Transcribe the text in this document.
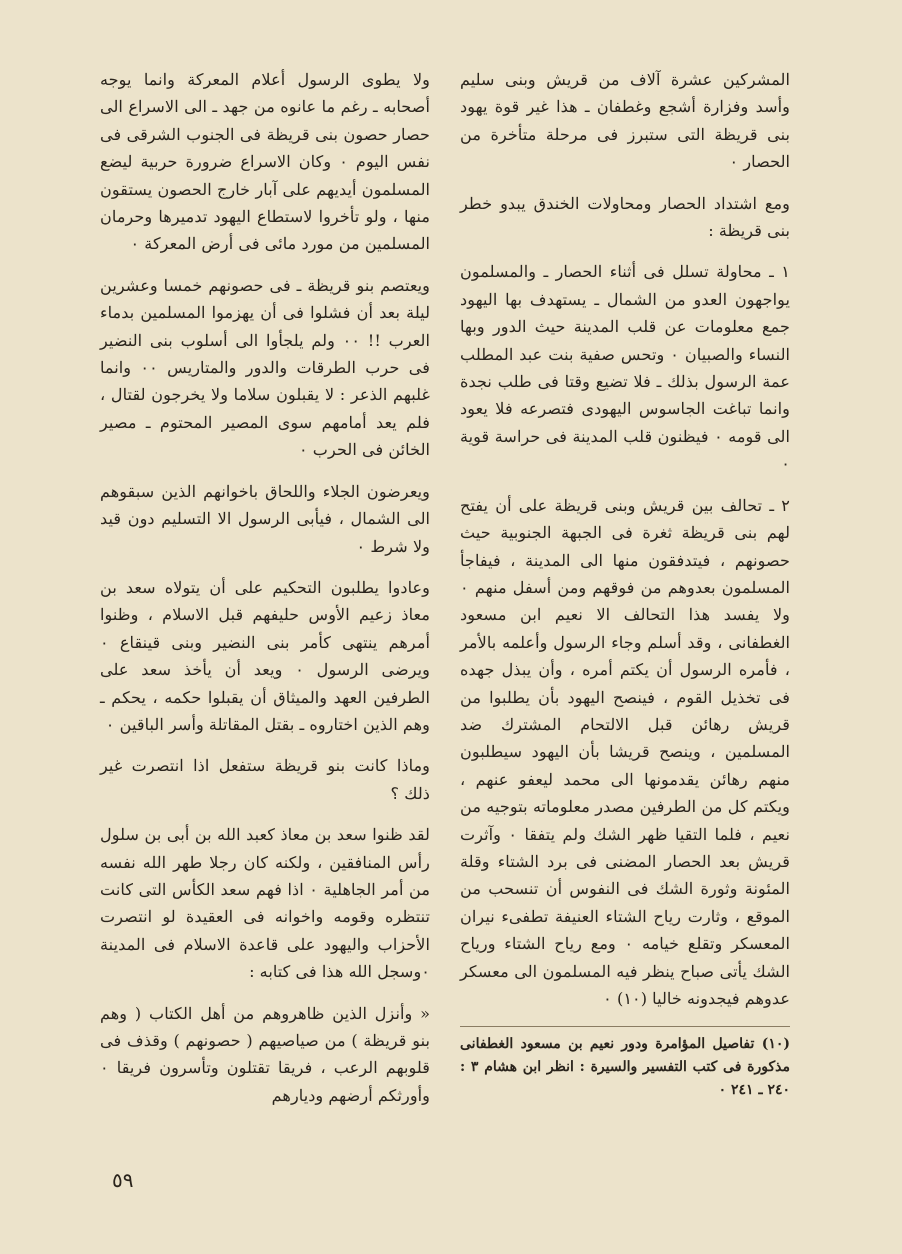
المشركين عشرة آلاف من قريش وبنى سليم وأسد وفزارة أشجع وغطفان ـ هذا غير قوة يهود بنى قريظة التى ستبرز فى مرحلة متأخرة من الحصار ٠

ومع اشتداد الحصار ومحاولات الخندق يبدو خطر بنى قريظة :

١ ـ محاولة تسلل فى أثناء الحصار ـ والمسلمون يواجهون العدو من الشمال ـ يستهدف بها اليهود جمع معلومات عن قلب المدينة حيث الدور وبها النساء والصبيان ٠ وتحس صفية بنت عبد المطلب عمة الرسول بذلك ـ فلا تضيع وقتا فى طلب نجدة وانما تباغت الجاسوس اليهودى فتصرعه فلا يعود الى قومه ٠ فيظنون قلب المدينة فى حراسة قوية ٠

٢ ـ تحالف بين قريش وبنى قريظة على أن يفتح لهم بنى قريظة ثغرة فى الجبهة الجنوبية حيث حصونهم ، فيتدفقون منها الى المدينة ، فيفاجأ المسلمون بعدوهم من فوقهم ومن أسفل منهم ٠ ولا يفسد هذا التحالف الا نعيم ابن مسعود الغطفانى ، وقد أسلم وجاء الرسول وأعلمه بالأمر ، فأمره الرسول أن يكتم أمره ، وأن يبذل جهده فى تخذيل القوم ، فينصح اليهود بأن يطلبوا من قريش رهائن قبل الالتحام المشترك ضد المسلمين ، وينصح قريشا بأن اليهود سيطلبون منهم رهائن يقدمونها الى محمد ليعفو عنهم ، ويكتم كل من الطرفين مصدر معلوماته بتوجيه من نعيم ، فلما التقيا ظهر الشك ولم يتفقا ٠ وآثرت قريش بعد الحصار المضنى فى برد الشتاء وقلة المئونة وثورة الشك فى النفوس أن تنسحب من الموقع ، وثارت رياح الشتاء العنيفة تطفىء نيران المعسكر وتقلع خيامه ٠ ومع رياح الشتاء ورياح الشك يأتى صباح ينظر فيه المسلمون الى معسكر عدوهم فيجدونه خاليا (١٠) ٠

(١٠) تفاصيل المؤامرة ودور نعيم بن مسعود الغطفانى مذكورة فى كتب التفسير والسيرة : انظر ابن هشام ٣ : ٢٤٠ ـ ٢٤١ ٠

ولا يطوى الرسول أعلام المعركة وانما يوجه أصحابه ـ رغم ما عانوه من جهد ـ الى الاسراع الى حصار حصون بنى قريظة فى الجنوب الشرقى فى نفس اليوم ٠ وكان الاسراع ضرورة حربية ليضع المسلمون أيديهم على آبار خارج الحصون يستقون منها ، ولو تأخروا لاستطاع اليهود تدميرها وحرمان المسلمين من مورد مائى فى أرض المعركة ٠

ويعتصم بنو قريظة ـ فى حصونهم خمسا وعشرين ليلة بعد أن فشلوا فى أن يهزموا المسلمين بدماء العرب !! ٠٠ ولم يلجأوا الى أسلوب بنى النضير فى حرب الطرقات والدور والمتاريس ٠٠ وانما غلبهم الذعر : لا يقبلون سلاما ولا يخرجون لقتال ، فلم يعد أمامهم سوى المصير المحتوم ـ مصير الخائن فى الحرب ٠

ويعرضون الجلاء واللحاق باخوانهم الذين سبقوهم الى الشمال ، فيأبى الرسول الا التسليم دون قيد ولا شرط ٠

وعادوا يطلبون التحكيم على أن يتولاه سعد بن معاذ زعيم الأوس حليفهم قبل الاسلام ، وظنوا أمرهم ينتهى كأمر بنى النضير وبنى قينقاع ٠ ويرضى الرسول ٠ ويعد أن يأخذ سعد على الطرفين العهد والميثاق أن يقبلوا حكمه ، يحكم ـ وهم الذين اختاروه ـ بقتل المقاتلة وأسر الباقين ٠

وماذا كانت بنو قريظة ستفعل اذا انتصرت غير ذلك ؟

لقد ظنوا سعد بن معاذ كعبد الله بن أبى بن سلول رأس المنافقين ، ولكنه كان رجلا طهر الله نفسه من أمر الجاهلية ٠ اذا فهم سعد الكأس التى كانت تنتظره وقومه واخوانه فى العقيدة لو انتصرت الأحزاب واليهود على قاعدة الاسلام فى المدينة ٠وسجل الله هذا فى كتابه :

« وأنزل الذين ظاهروهم من أهل الكتاب ( وهم بنو قريظة ) من صياصيهم ( حصونهم ) وقذف فى قلوبهم الرعب ، فريقا تقتلون وتأسرون فريقا ٠ وأورثكم أرضهم وديارهم

٥٩
